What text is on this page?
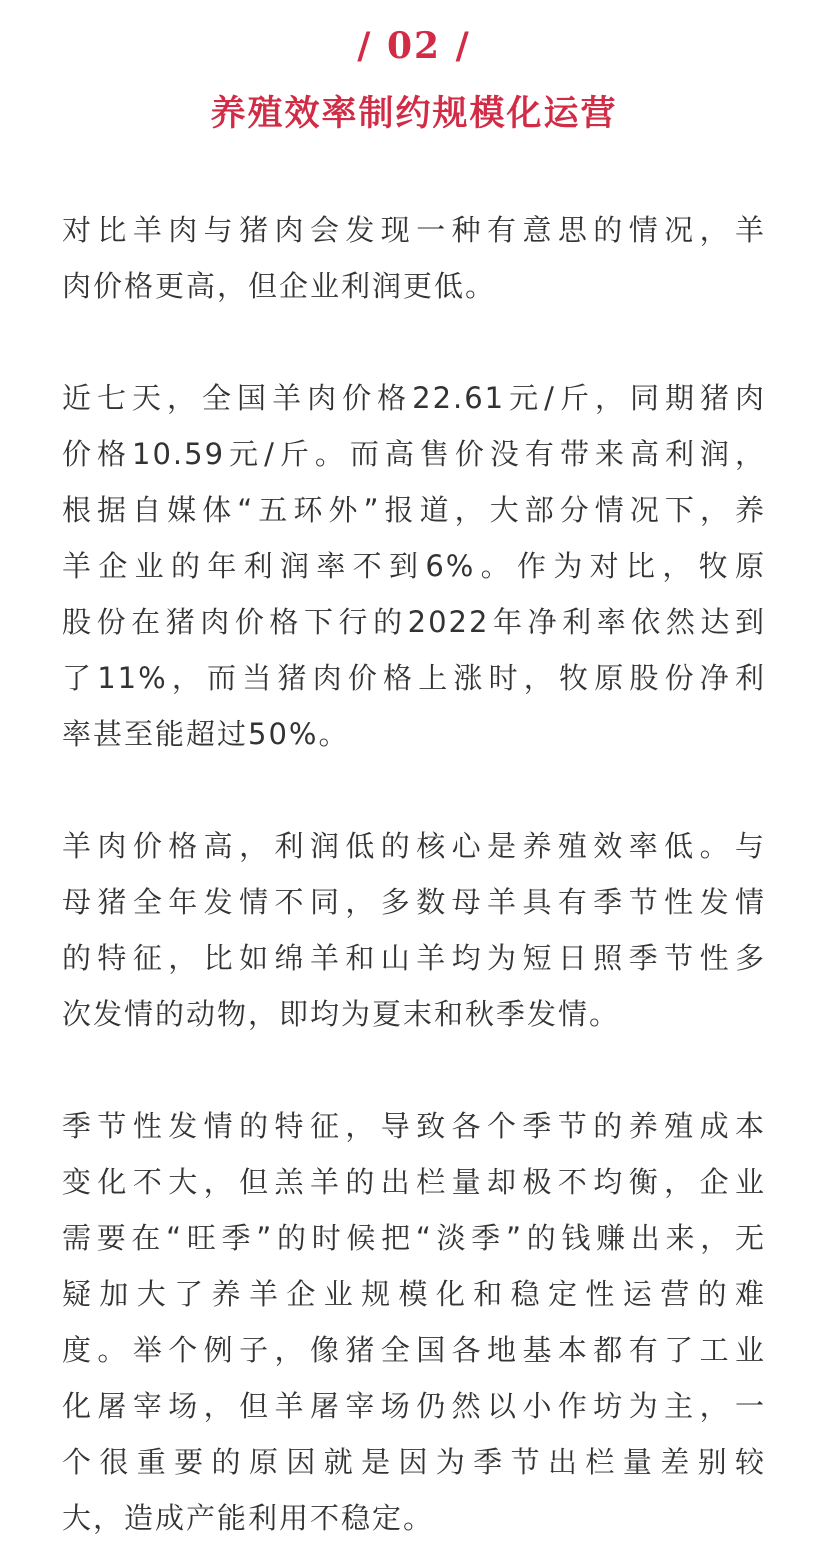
/ 02 /
养殖效率制约规模化运营

对比羊肉与猪肉会发现一种有意思的情况，羊
肉价格更高，但企业利润更低。

近七天，全国羊肉价格22.61元/斤，同期猪肉
价格10.59元/斤。而高售价没有带来高利润，
根据自媒体“五环外”报道，大部分情况下，养
羊企业的年利润率不到6%。作为对比，牧原
股份在猪肉价格下行的2022年净利率依然达到
了11%，而当猪肉价格上涨时，牧原股份净利
率甚至能超过50%。

羊肉价格高，利润低的核心是养殖效率低。与
母猪全年发情不同，多数母羊具有季节性发情
的特征，比如绵羊和山羊均为短日照季节性多
次发情的动物，即均为夏末和秋季发情。

季节性发情的特征，导致各个季节的养殖成本
变化不大，但羔羊的出栏量却极不均衡，企业
需要在“旺季”的时候把“淡季”的钱赚出来，无
疑加大了养羊企业规模化和稳定性运营的难
度。举个例子，像猪全国各地基本都有了工业
化屠宰场，但羊屠宰场仍然以小作坊为主，一
个很重要的原因就是因为季节出栏量差别较
大，造成产能利用不稳定。
